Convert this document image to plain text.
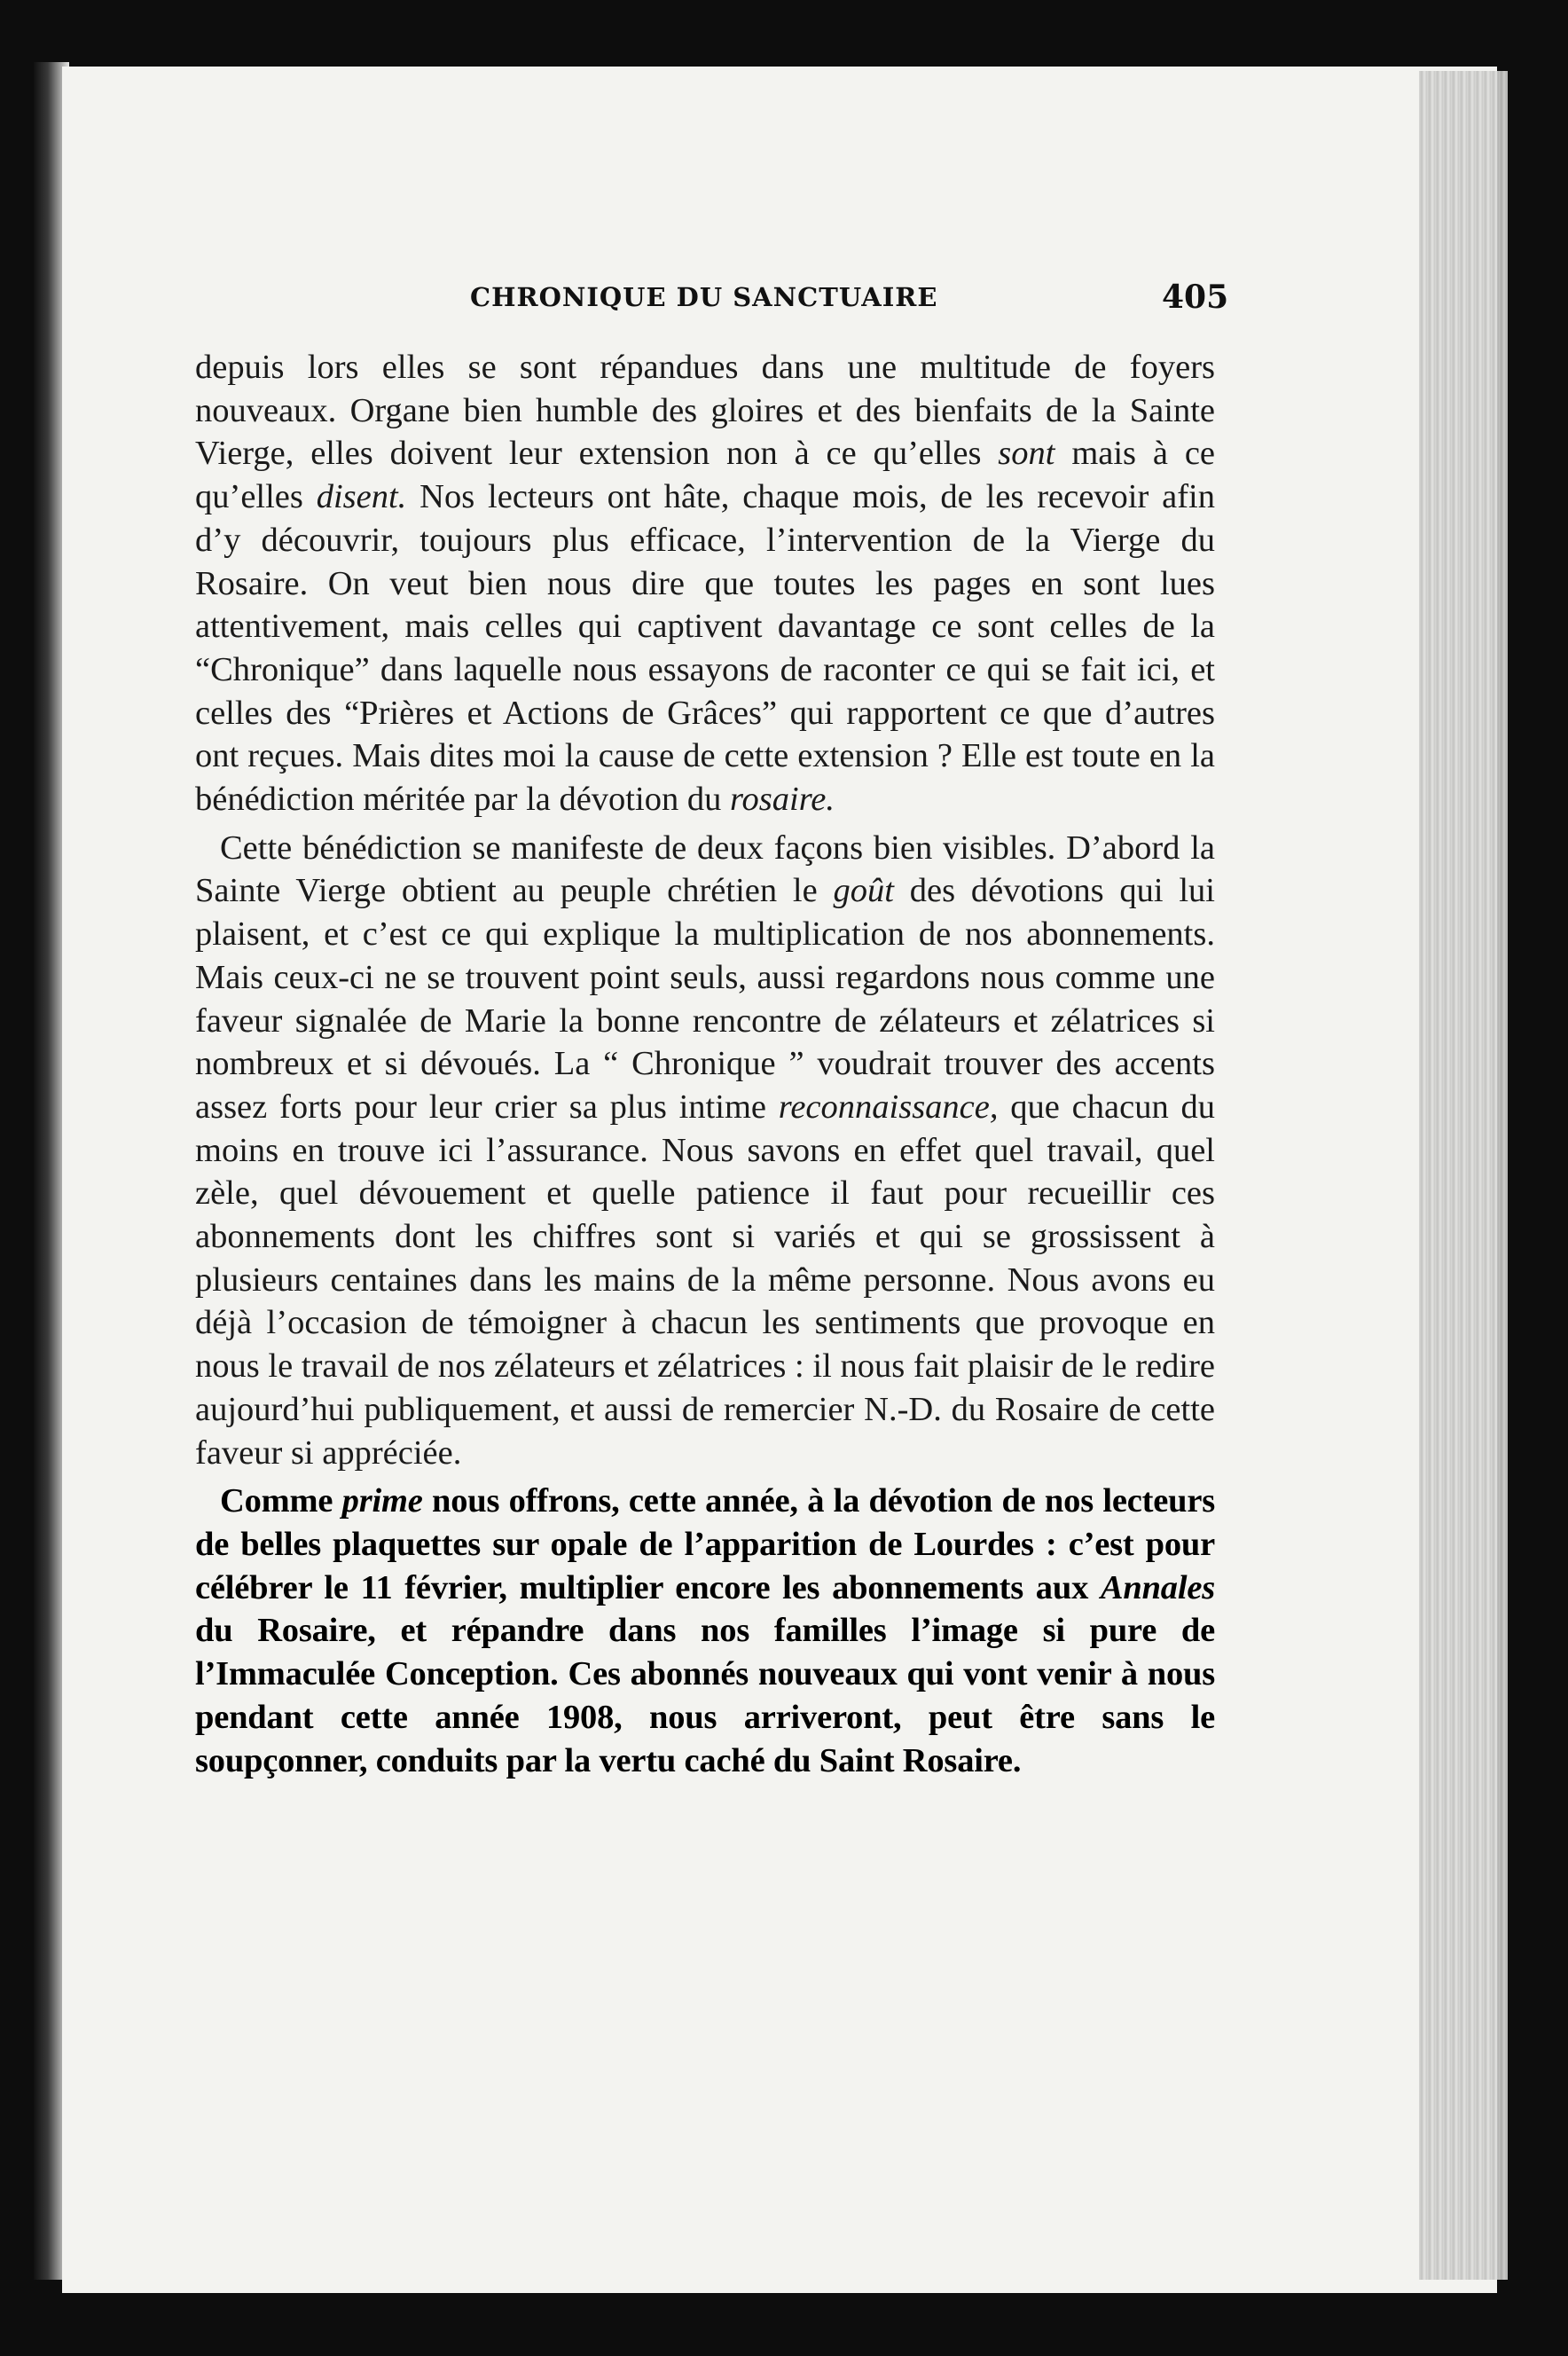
CHRONIQUE DU SANCTUAIRE	405

depuis lors elles se sont répandues dans une multitude de foyers nouveaux. Organe bien humble des gloires et des bienfaits de la Sainte Vierge, elles doivent leur extension non à ce qu’elles sont mais à ce qu’elles disent. Nos lecteurs ont hâte, chaque mois, de les recevoir afin d’y découvrir, toujours plus efficace, l’intervention de la Vierge du Rosaire. On veut bien nous dire que toutes les pages en sont lues attentivement, mais celles qui captivent davantage ce sont celles de la “Chronique” dans laquelle nous essayons de raconter ce qui se fait ici, et celles des “Prières et Actions de Grâces” qui rapportent ce que d’autres ont reçues. Mais dites moi la cause de cette extension ? Elle est toute en la bénédiction méritée par la dévotion du rosaire.

Cette bénédiction se manifeste de deux façons bien visibles. D’abord la Sainte Vierge obtient au peuple chrétien le goût des dévotions qui lui plaisent, et c’est ce qui explique la multiplication de nos abonnements. Mais ceux-ci ne se trouvent point seuls, aussi regardons nous comme une faveur signalée de Marie la bonne rencontre de zélateurs et zélatrices si nombreux et si dévoués. La “ Chronique ” voudrait trouver des accents assez forts pour leur crier sa plus intime reconnaissance, que chacun du moins en trouve ici l’assurance. Nous savons en effet quel travail, quel zèle, quel dévouement et quelle patience il faut pour recueillir ces abonnements dont les chiffres sont si variés et qui se grossissent à plusieurs centaines dans les mains de la même personne. Nous avons eu déjà l’occasion de témoigner à chacun les sentiments que provoque en nous le travail de nos zélateurs et zélatrices : il nous fait plaisir de le redire aujourd’hui publiquement, et aussi de remercier N.-D. du Rosaire de cette faveur si appréciée.

Comme prime nous offrons, cette année, à la dévotion de nos lecteurs de belles plaquettes sur opale de l’apparition de Lourdes : c’est pour célébrer le 11 février, multiplier encore les abonnements aux Annales du Rosaire, et répandre dans nos familles l’image si pure de l’Immaculée Conception. Ces abonnés nouveaux qui vont venir à nous pendant cette année 1908, nous arriveront, peut être sans le soupçonner, conduits par la vertu caché du Saint Rosaire.
